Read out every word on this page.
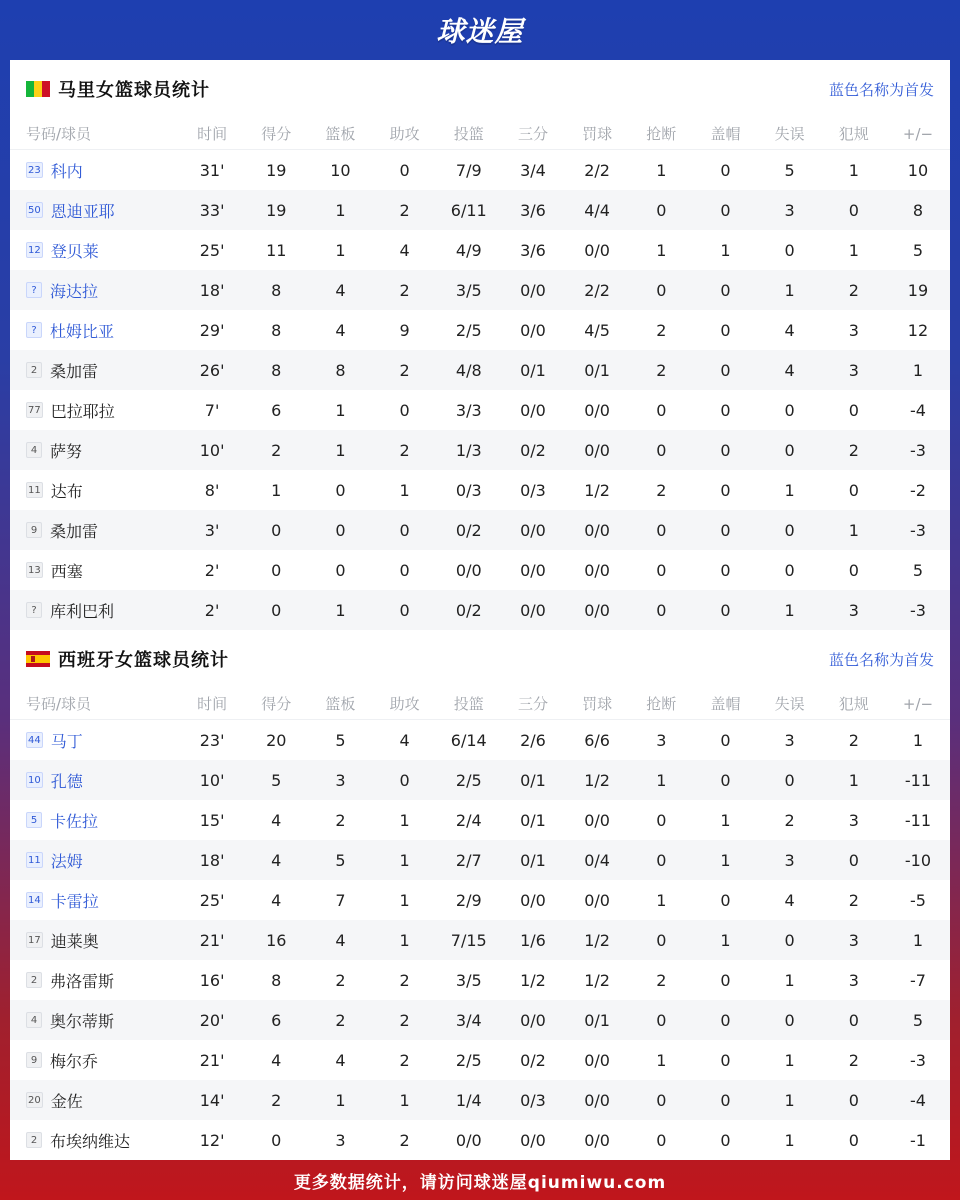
球迷屋
马里女篮球员统计	蓝色名称为首发
号码/球员	时间	得分	篮板	助攻	投篮	三分	罚球	抢断	盖帽	失误	犯规	+/−
23 科内	31'	19	10	0	7/9	3/4	2/2	1	0	5	1	10
50 恩迪亚耶	33'	19	1	2	6/11	3/6	4/4	0	0	3	0	8
12 登贝莱	25'	11	1	4	4/9	3/6	0/0	1	1	0	1	5
? 海达拉	18'	8	4	2	3/5	0/0	2/2	0	0	1	2	19
? 杜姆比亚	29'	8	4	9	2/5	0/0	4/5	2	0	4	3	12
2 桑加雷	26'	8	8	2	4/8	0/1	0/1	2	0	4	3	1
77 巴拉耶拉	7'	6	1	0	3/3	0/0	0/0	0	0	0	0	-4
4 萨努	10'	2	1	2	1/3	0/2	0/0	0	0	0	2	-3
11 达布	8'	1	0	1	0/3	0/3	1/2	2	0	1	0	-2
9 桑加雷	3'	0	0	0	0/2	0/0	0/0	0	0	0	1	-3
13 西塞	2'	0	0	0	0/0	0/0	0/0	0	0	0	0	5
? 库利巴利	2'	0	1	0	0/2	0/0	0/0	0	0	1	3	-3
西班牙女篮球员统计	蓝色名称为首发
号码/球员	时间	得分	篮板	助攻	投篮	三分	罚球	抢断	盖帽	失误	犯规	+/−
44 马丁	23'	20	5	4	6/14	2/6	6/6	3	0	3	2	1
10 孔德	10'	5	3	0	2/5	0/1	1/2	1	0	0	1	-11
5 卡佐拉	15'	4	2	1	2/4	0/1	0/0	0	1	2	3	-11
11 法姆	18'	4	5	1	2/7	0/1	0/4	0	1	3	0	-10
14 卡雷拉	25'	4	7	1	2/9	0/0	0/0	1	0	4	2	-5
17 迪莱奥	21'	16	4	1	7/15	1/6	1/2	0	1	0	3	1
2 弗洛雷斯	16'	8	2	2	3/5	1/2	1/2	2	0	1	3	-7
4 奥尔蒂斯	20'	6	2	2	3/4	0/0	0/1	0	0	0	0	5
9 梅尔乔	21'	4	4	2	2/5	0/2	0/0	1	0	1	2	-3
20 金佐	14'	2	1	1	1/4	0/3	0/0	0	0	1	0	-4
2 布埃纳维达	12'	0	3	2	0/0	0/0	0/0	0	0	1	0	-1
更多数据统计，请访问球迷屋qiumiwu.com
